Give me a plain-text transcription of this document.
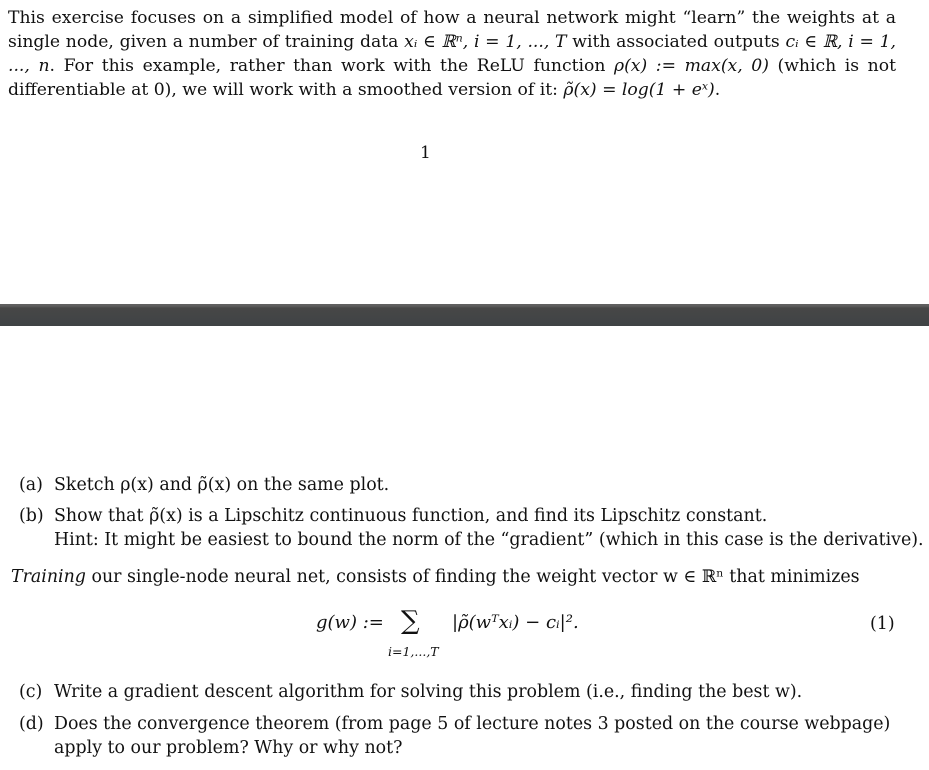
This exercise focuses on a simplified model of how a neural network might “learn” the weights at a single node, given a number of training data xᵢ ∈ ℝⁿ, i = 1, ..., T with associated outputs cᵢ ∈ ℝ, i = 1, ..., n. For this example, rather than work with the ReLU function ρ(x) := max(x, 0) (which is not differentiable at 0), we will work with a smoothed version of it: ρ̃(x) = log(1 + eˣ).
1
(a) Sketch ρ(x) and ρ̃(x) on the same plot.
(b) Show that ρ̃(x) is a Lipschitz continuous function, and find its Lipschitz constant.
Hint: It might be easiest to bound the norm of the “gradient” (which in this case is the derivative).
Training our single-node neural net, consists of finding the weight vector w ∈ ℝⁿ that minimizes
g(w) := ∑ |ρ̃(wᵀxᵢ) − cᵢ|².
i=1,...,T
(1)
(c) Write a gradient descent algorithm for solving this problem (i.e., finding the best w).
(d) Does the convergence theorem (from page 5 of lecture notes 3 posted on the course webpage)
apply to our problem? Why or why not?
